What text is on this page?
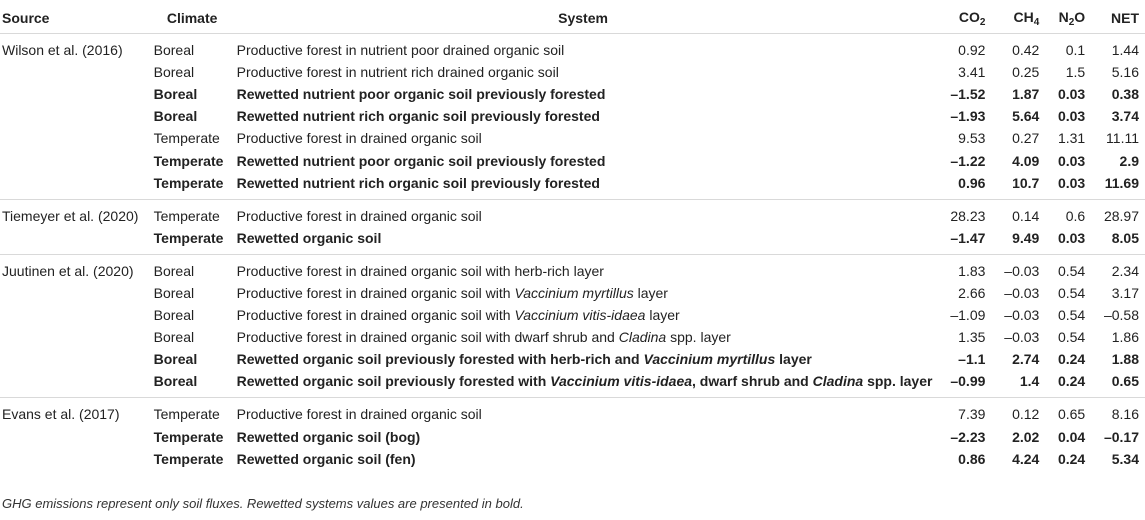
Source	Climate	System	$CO_2$	$CH_4$	$N_2O$	NET
Wilson et al. (2016)	Boreal	Productive forest in nutrient poor drained organic soil	0.92	0.42	0.1	1.44
	Boreal	Productive forest in nutrient rich drained organic soil	3.41	0.25	1.5	5.16
	Boreal	Rewetted nutrient poor organic soil previously forested	–1.52	1.87	0.03	0.38
	Boreal	Rewetted nutrient rich organic soil previously forested	–1.93	5.64	0.03	3.74
	Temperate	Productive forest in drained organic soil	9.53	0.27	1.31	11.11
	Temperate	Rewetted nutrient poor organic soil previously forested	–1.22	4.09	0.03	2.9
	Temperate	Rewetted nutrient rich organic soil previously forested	0.96	10.7	0.03	11.69
Tiemeyer et al. (2020)	Temperate	Productive forest in drained organic soil	28.23	0.14	0.6	28.97
	Temperate	Rewetted organic soil	–1.47	9.49	0.03	8.05
Juutinen et al. (2020)	Boreal	Productive forest in drained organic soil with herb-rich layer	1.83	–0.03	0.54	2.34
	Boreal	Productive forest in drained organic soil with Vaccinium myrtillus layer	2.66	–0.03	0.54	3.17
	Boreal	Productive forest in drained organic soil with Vaccinium vitis-idaea layer	–1.09	–0.03	0.54	–0.58
	Boreal	Productive forest in drained organic soil with dwarf shrub and Cladina spp. layer	1.35	–0.03	0.54	1.86
	Boreal	Rewetted organic soil previously forested with herb-rich and Vaccinium myrtillus layer	–1.1	2.74	0.24	1.88
	Boreal	Rewetted organic soil previously forested with Vaccinium vitis-idaea, dwarf shrub and Cladina spp. layer	–0.99	1.4	0.24	0.65
Evans et al. (2017)	Temperate	Productive forest in drained organic soil	7.39	0.12	0.65	8.16
	Temperate	Rewetted organic soil (bog)	–2.23	2.02	0.04	–0.17
	Temperate	Rewetted organic soil (fen)	0.86	4.24	0.24	5.34
GHG emissions represent only soil fluxes. Rewetted systems values are presented in bold.
